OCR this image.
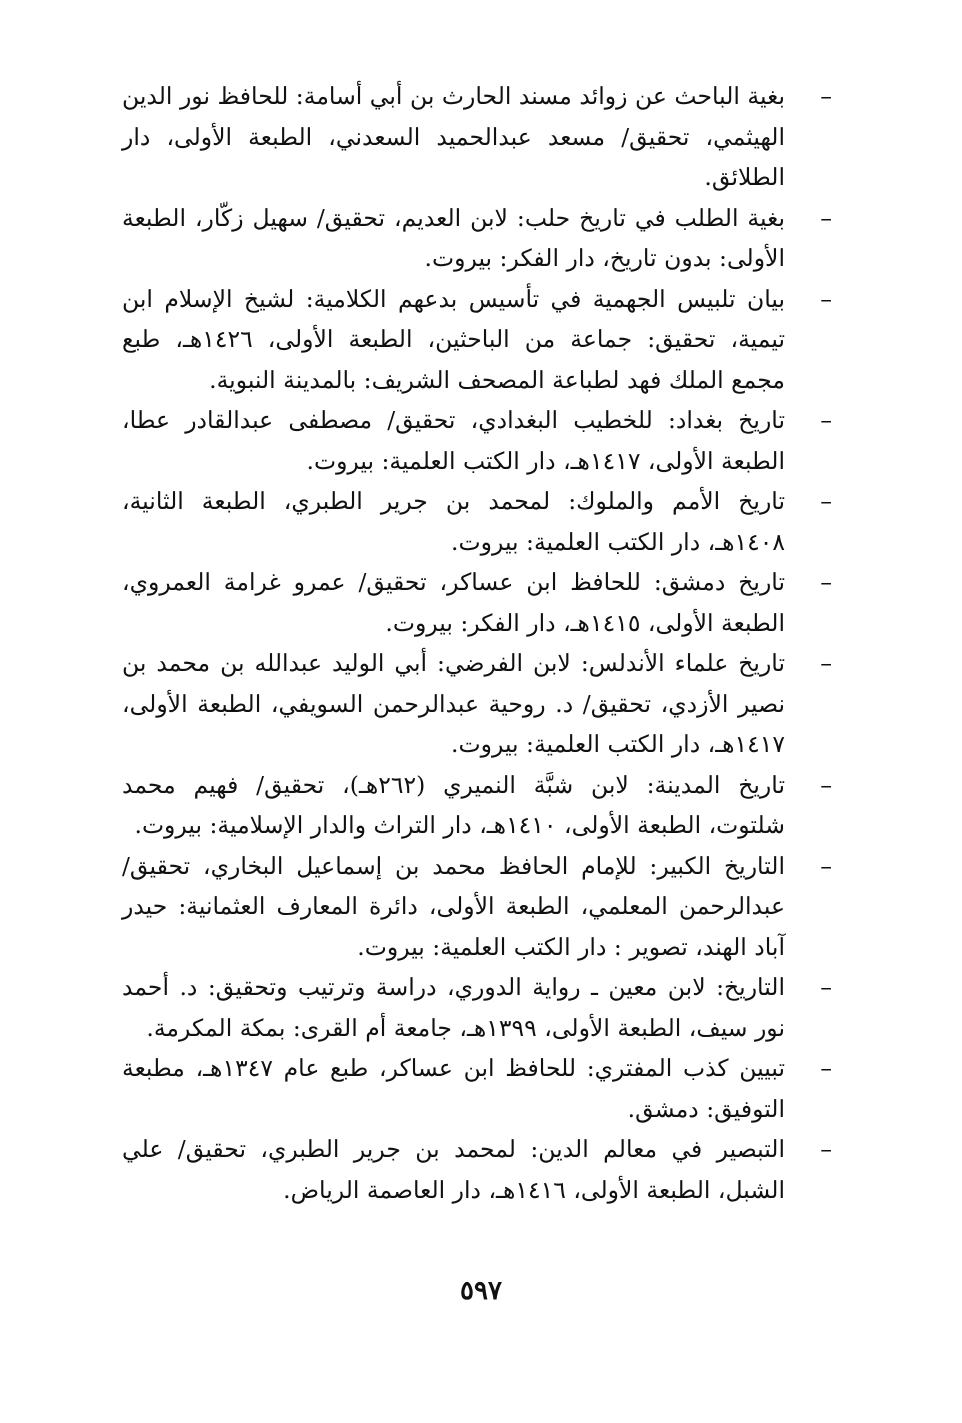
–
بغية الباحث عن زوائد مسند الحارث بن أبي أسامة: للحافظ نور الدين الهيثمي، تحقيق/ مسعد عبدالحميد السعدني، الطبعة الأولى، دار الطلائق.
–
بغية الطلب في تاريخ حلب: لابن العديم، تحقيق/ سهيل زكّار، الطبعة الأولى: بدون تاريخ، دار الفكر: بيروت.
–
بيان تلبيس الجهمية في تأسيس بدعهم الكلامية: لشيخ الإسلام ابن تيمية، تحقيق: جماعة من الباحثين، الطبعة الأولى، ١٤٢٦هـ، طبع مجمع الملك فهد لطباعة المصحف الشريف: بالمدينة النبوية.
–
تاريخ بغداد: للخطيب البغدادي، تحقيق/ مصطفى عبدالقادر عطا، الطبعة الأولى، ١٤١٧هـ، دار الكتب العلمية: بيروت.
–
تاريخ الأمم والملوك: لمحمد بن جرير الطبري، الطبعة الثانية، ١٤٠٨هـ، دار الكتب العلمية: بيروت.
–
تاريخ دمشق: للحافظ ابن عساكر، تحقيق/ عمرو غرامة العمروي، الطبعة الأولى، ١٤١٥هـ، دار الفكر: بيروت.
–
تاريخ علماء الأندلس: لابن الفرضي: أبي الوليد عبدالله بن محمد بن نصير الأزدي، تحقيق/ د. روحية عبدالرحمن السويفي، الطبعة الأولى، ١٤١٧هـ، دار الكتب العلمية: بيروت.
–
تاريخ المدينة: لابن شبَّة النميري (٢٦٢هـ)، تحقيق/ فهيم محمد شلتوت، الطبعة الأولى، ١٤١٠هـ، دار التراث والدار الإسلامية: بيروت.
–
التاريخ الكبير: للإمام الحافظ محمد بن إسماعيل البخاري، تحقيق/ عبدالرحمن المعلمي، الطبعة الأولى، دائرة المعارف العثمانية: حيدر آباد الهند، تصوير : دار الكتب العلمية: بيروت.
–
التاريخ: لابن معين ـ رواية الدوري، دراسة وترتيب وتحقيق: د. أحمد نور سيف، الطبعة الأولى، ١٣٩٩هـ، جامعة أم القرى: بمكة المكرمة.
–
تبيين كذب المفتري: للحافظ ابن عساكر، طبع عام ١٣٤٧هـ، مطبعة التوفيق: دمشق.
–
التبصير في معالم الدين: لمحمد بن جرير الطبري، تحقيق/ علي الشبل، الطبعة الأولى، ١٤١٦هـ، دار العاصمة الرياض.
٥٩٧
